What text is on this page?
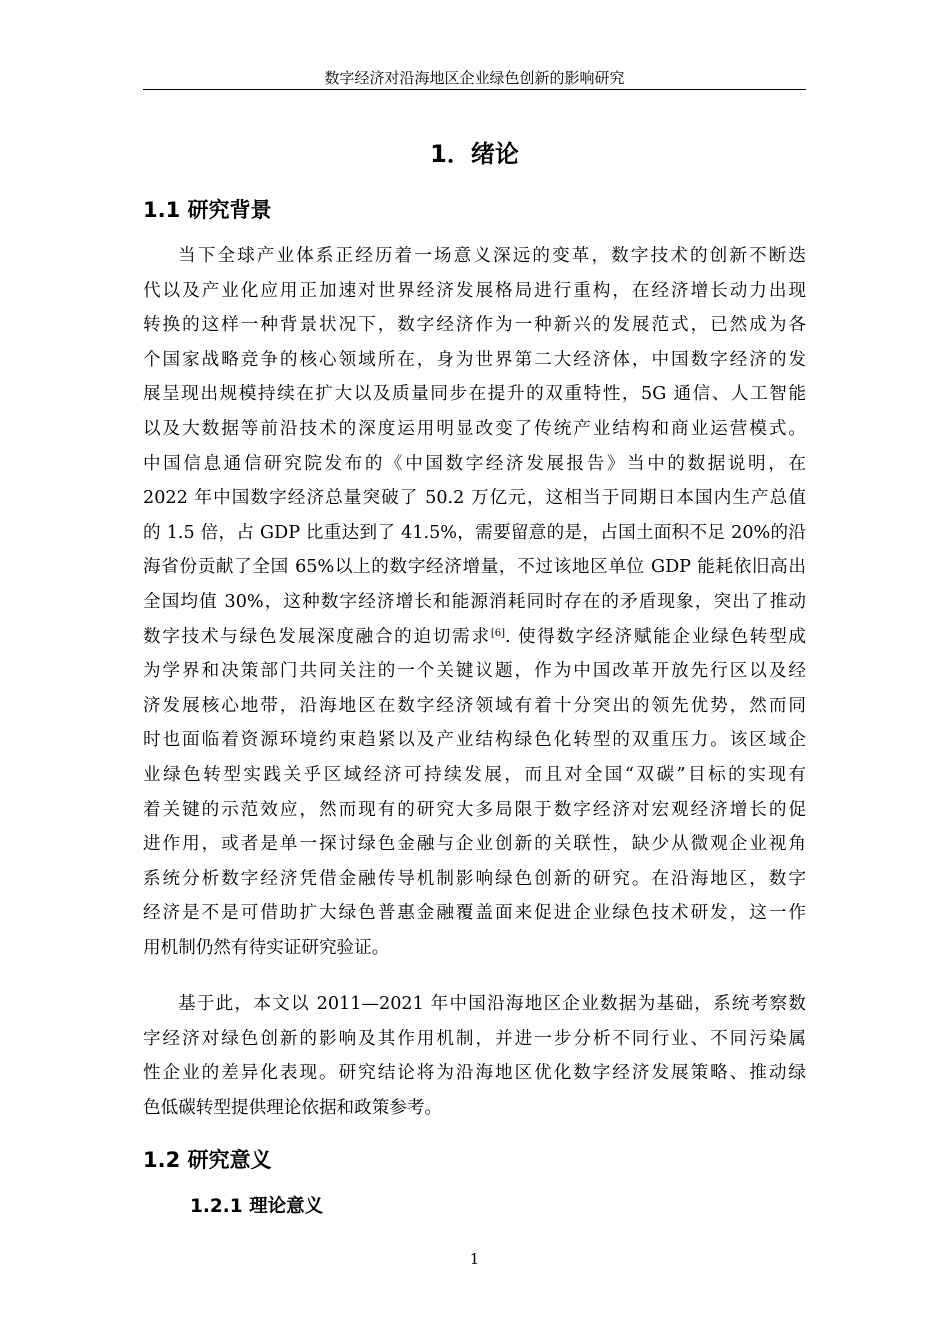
数字经济对沿海地区企业绿色创新的影响研究
1．绪论
1.1 研究背景
当下全球产业体系正经历着一场意义深远的变革，数字技术的创新不断迭
代以及产业化应用正加速对世界经济发展格局进行重构，在经济增长动力出现
转换的这样一种背景状况下，数字经济作为一种新兴的发展范式，已然成为各
个国家战略竞争的核心领域所在，身为世界第二大经济体，中国数字经济的发
展呈现出规模持续在扩大以及质量同步在提升的双重特性，5G 通信、人工智能
以及大数据等前沿技术的深度运用明显改变了传统产业结构和商业运营模式。
中国信息通信研究院发布的《中国数字经济发展报告》当中的数据说明，在
2022 年中国数字经济总量突破了 50.2 万亿元，这相当于同期日本国内生产总值
的 1.5 倍，占 GDP 比重达到了 41.5%，需要留意的是，占国土面积不足 20%的沿
海省份贡献了全国 65%以上的数字经济增量，不过该地区单位 GDP 能耗依旧高出
全国均值 30%，这种数字经济增长和能源消耗同时存在的矛盾现象，突出了推动
数字技术与绿色发展深度融合的迫切需求[6]. 使得数字经济赋能企业绿色转型成
为学界和决策部门共同关注的一个关键议题，作为中国改革开放先行区以及经
济发展核心地带，沿海地区在数字经济领域有着十分突出的领先优势，然而同
时也面临着资源环境约束趋紧以及产业结构绿色化转型的双重压力。该区域企
业绿色转型实践关乎区域经济可持续发展，而且对全国“双碳”目标的实现有
着关键的示范效应，然而现有的研究大多局限于数字经济对宏观经济增长的促
进作用，或者是单一探讨绿色金融与企业创新的关联性，缺少从微观企业视角
系统分析数字经济凭借金融传导机制影响绿色创新的研究。在沿海地区，数字
经济是不是可借助扩大绿色普惠金融覆盖面来促进企业绿色技术研发，这一作
用机制仍然有待实证研究验证。
基于此，本文以 2011—2021 年中国沿海地区企业数据为基础，系统考察数
字经济对绿色创新的影响及其作用机制，并进一步分析不同行业、不同污染属
性企业的差异化表现。研究结论将为沿海地区优化数字经济发展策略、推动绿
色低碳转型提供理论依据和政策参考。
1.2 研究意义
1.2.1 理论意义
1
